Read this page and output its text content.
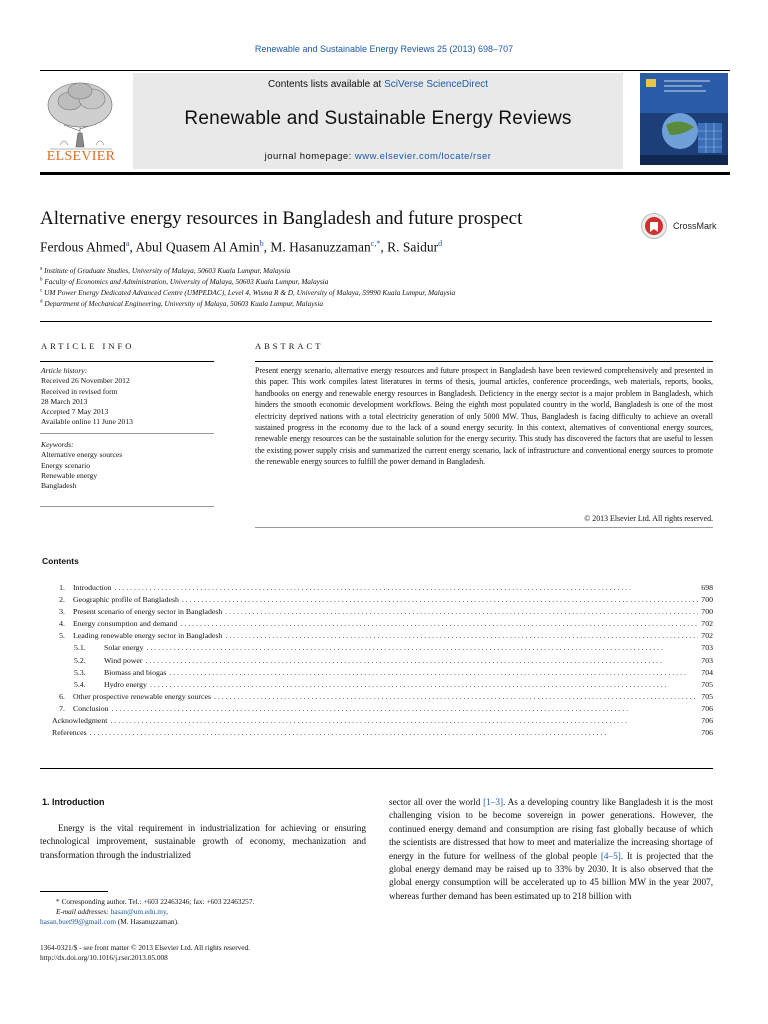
Renewable and Sustainable Energy Reviews 25 (2013) 698–707
ELSEVIER
Contents lists available at SciVerse ScienceDirect
Renewable and Sustainable Energy Reviews
journal homepage: www.elsevier.com/locate/rser
Alternative energy resources in Bangladesh and future prospect	CrossMark
Ferdous Ahmed$^a$, Abul Quasem Al Amin$^b$, M. Hasanuzzaman$^{c,*}$, R. Saidur$^d$
$^a$ Institute of Graduate Studies, University of Malaya, 50603 Kuala Lumpur, Malaysia
$^b$ Faculty of Economics and Administration, University of Malaya, 50603 Kuala Lumpur, Malaysia
$^c$ UM Power Energy Dedicated Advanced Centre (UMPEDAC), Level 4, Wisma R & D, University of Malaya, 59990 Kuala Lumpur, Malaysia
$^d$ Department of Mechanical Engineering, University of Malaya, 50603 Kuala Lumpur, Malaysia
ARTICLE INFO	ABSTRACT
Article history:
Received 26 November 2012
Received in revised form
28 March 2013
Accepted 7 May 2013
Available online 11 June 2013
Keywords:
Alternative energy sources
Energy scenario
Renewable energy
Bangladesh
Present energy scenario, alternative energy resources and future prospect in Bangladesh have been reviewed comprehensively and presented in this paper. This work compiles latest literatures in terms of thesis, journal articles, conference proceedings, web materials, reports, books, handbooks on energy and renewable energy resources in Bangladesh. Deficiency in the energy sector is a major problem in Bangladesh, which hinders the smooth economic development workflows. Being the eighth most populated country in the world, Bangladesh is one of the most electricity deprived nations with a total electricity generation of only 5000 MW. Thus, Bangladesh is facing difficulty to achieve an overall sustained progress in the economy due to the lack of a sound energy security. In this context, alternatives of conventional energy sources, renewable energy resources can be the sustainable solution for the energy security. This study has discovered the factors that are useful to lessen the existing power supply crisis and summarized the current energy scenario, lack of infrastructure and conventional energy sources to promote the renewable energy sources to fulfill the power demand in Bangladesh.
© 2013 Elsevier Ltd. All rights reserved.
Contents
1.	Introduction . . .	698
2.	Geographic profile of Bangladesh . . .	700
3.	Present scenario of energy sector in Bangladesh . . .	700
4.	Energy consumption and demand . . .	702
5.	Leading renewable energy sector in Bangladesh . . .	702
5.1.	Solar energy . . .	703
5.2.	Wind power . . .	703
5.3.	Biomass and biogas . . .	704
5.4.	Hydro energy . . .	705
6.	Other prospective renewable energy sources . . .	705
7.	Conclusion . . .	706
Acknowledgment . . .	706
References . . .	706
1. Introduction
Energy is the vital requirement in industrialization for achieving or ensuring technological improvement, sustainable growth of economy, mechanization and transformation through the industrialized
sector all over the world [1–3]. As a developing country like Bangladesh it is the most challenging vision to be become sovereign in power generations. However, the continued energy demand and consumption are rising fast globally because of which the scientists are distressed that how to meet and materialize the increasing shortage of energy in the future for wellness of the global people [4–5]. It is projected that the global energy demand may be raised up to 33% by 2030. It is also observed that the global energy consumption will be accelerated up to 45 billion MW in the year 2007, whereas further demand has been estimated up to 218 billion with
* Corresponding author. Tel.: +603 22463246; fax: +603 22463257.
E-mail addresses: hasan@um.edu.my,
hasan.buet99@gmail.com (M. Hasanuzzaman).
1364-0321/$ - see front matter © 2013 Elsevier Ltd. All rights reserved.
http://dx.doi.org/10.1016/j.rser.2013.05.008
